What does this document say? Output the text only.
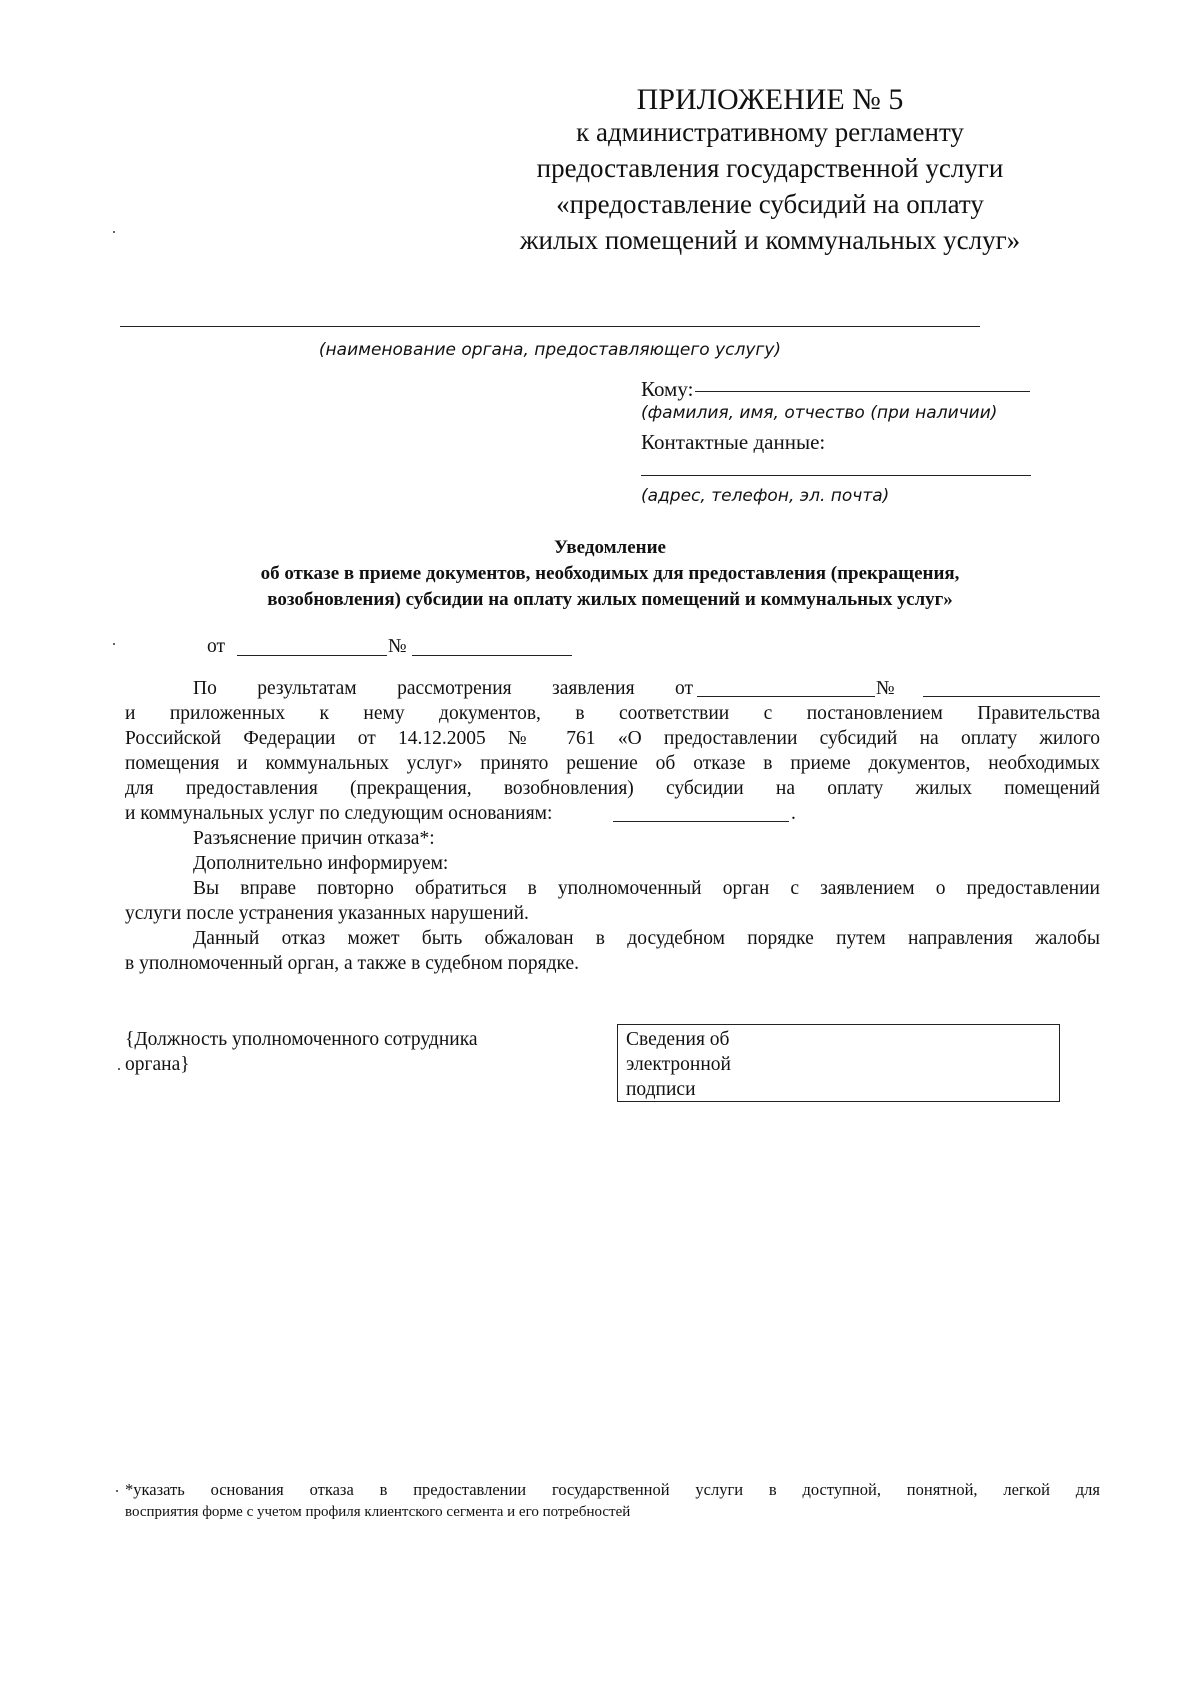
ПРИЛОЖЕНИЕ № 5
к административному регламенту
предоставления государственной услуги
«предоставление субсидий на оплату
жилых помещений и коммунальных услуг»
(наименование органа, предоставляющего услугу)
Кому:
(фамилия, имя, отчество (при наличии)
Контактные данные:
(адрес, телефон, эл. почта)
Уведомление
об отказе в приеме документов, необходимых для предоставления (прекращения,
возобновления) субсидии на оплату жилых помещений и коммунальных услуг»
от	№
По результатам рассмотрения заявления от	№
и приложенных к нему документов, в соответствии с постановлением Правительства
Российской Федерации от 14.12.2005 № 761 «О предоставлении субсидий на оплату жилого
помещения и коммунальных услуг» принято решение об отказе в приеме документов, необходимых
для предоставления (прекращения, возобновления) субсидии на оплату жилых помещений
и коммунальных услуг по следующим основаниям:	.
Разъяснение причин отказа*:
Дополнительно информируем:
Вы вправе повторно обратиться в уполномоченный орган с заявлением о предоставлении
услуги после устранения указанных нарушений.
Данный отказ может быть обжалован в досудебном порядке путем направления жалобы
в уполномоченный орган, а также в судебном порядке.
{Должность уполномоченного сотрудника
органа}
Сведения об
электронной
подписи
*указать основания отказа в предоставлении государственной услуги в доступной, понятной, легкой для
восприятия форме с учетом профиля клиентского сегмента и его потребностей
